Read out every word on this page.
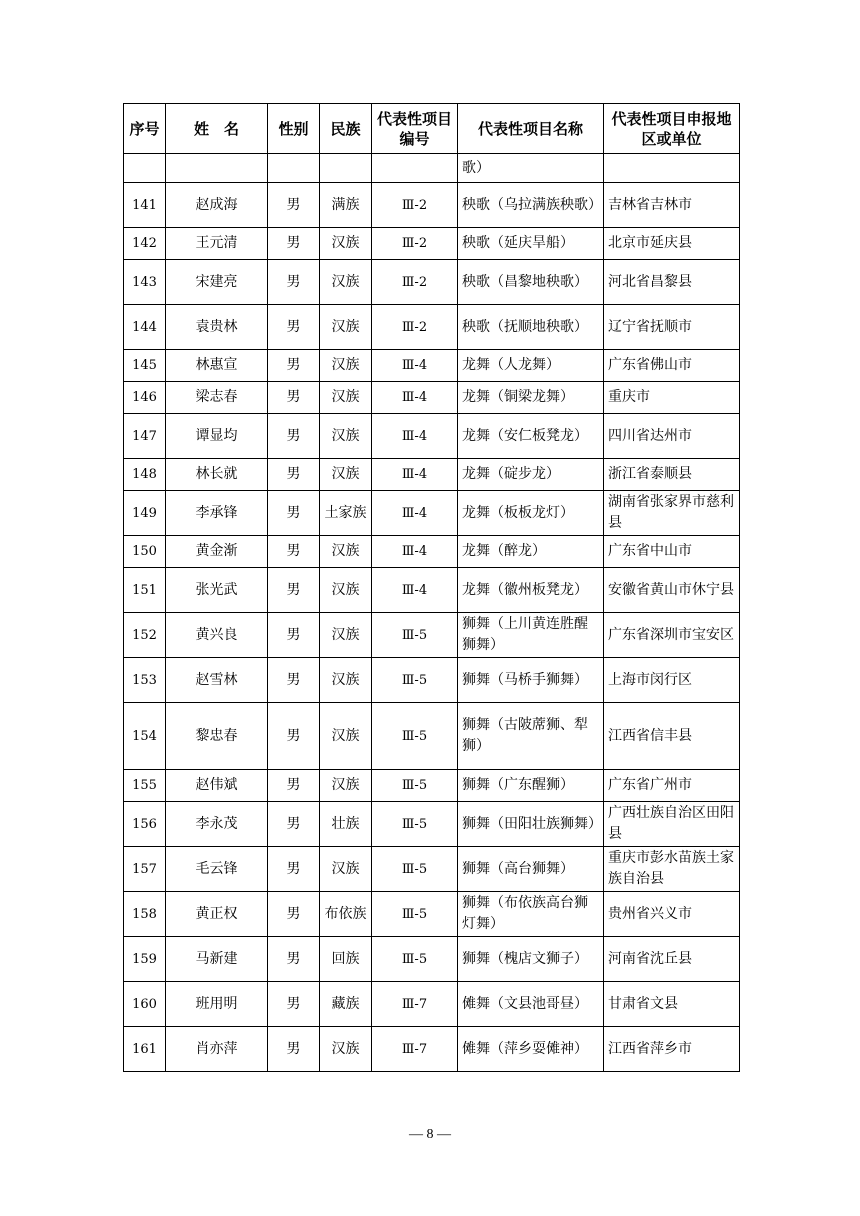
序号	姓　名	性别	民族	代表性项目编号	代表性项目名称	代表性项目申报地区或单位
					歌）	
141	赵成海	男	满族	Ⅲ-2	秧歌（乌拉满族秧歌）	吉林省吉林市
142	王元清	男	汉族	Ⅲ-2	秧歌（延庆旱船）	北京市延庆县
143	宋建亮	男	汉族	Ⅲ-2	秧歌（昌黎地秧歌）	河北省昌黎县
144	袁贵林	男	汉族	Ⅲ-2	秧歌（抚顺地秧歌）	辽宁省抚顺市
145	林惠宣	男	汉族	Ⅲ-4	龙舞（人龙舞）	广东省佛山市
146	梁志春	男	汉族	Ⅲ-4	龙舞（铜梁龙舞）	重庆市
147	谭显均	男	汉族	Ⅲ-4	龙舞（安仁板凳龙）	四川省达州市
148	林长就	男	汉族	Ⅲ-4	龙舞（碇步龙）	浙江省泰顺县
149	李承锋	男	土家族	Ⅲ-4	龙舞（板板龙灯）	湖南省张家界市慈利县
150	黄金渐	男	汉族	Ⅲ-4	龙舞（醉龙）	广东省中山市
151	张光武	男	汉族	Ⅲ-4	龙舞（徽州板凳龙）	安徽省黄山市休宁县
152	黄兴良	男	汉族	Ⅲ-5	狮舞（上川黄连胜醒狮舞）	广东省深圳市宝安区
153	赵雪林	男	汉族	Ⅲ-5	狮舞（马桥手狮舞）	上海市闵行区
154	黎忠春	男	汉族	Ⅲ-5	狮舞（古陂蓆狮、犁狮）	江西省信丰县
155	赵伟斌	男	汉族	Ⅲ-5	狮舞（广东醒狮）	广东省广州市
156	李永茂	男	壮族	Ⅲ-5	狮舞（田阳壮族狮舞）	广西壮族自治区田阳县
157	毛云锋	男	汉族	Ⅲ-5	狮舞（高台狮舞）	重庆市彭水苗族土家族自治县
158	黄正权	男	布依族	Ⅲ-5	狮舞（布依族高台狮灯舞）	贵州省兴义市
159	马新建	男	回族	Ⅲ-5	狮舞（槐店文狮子）	河南省沈丘县
160	班用明	男	藏族	Ⅲ-7	傩舞（文县池哥昼）	甘肃省文县
161	肖亦萍	男	汉族	Ⅲ-7	傩舞（萍乡耍傩神）	江西省萍乡市
— 8 —
